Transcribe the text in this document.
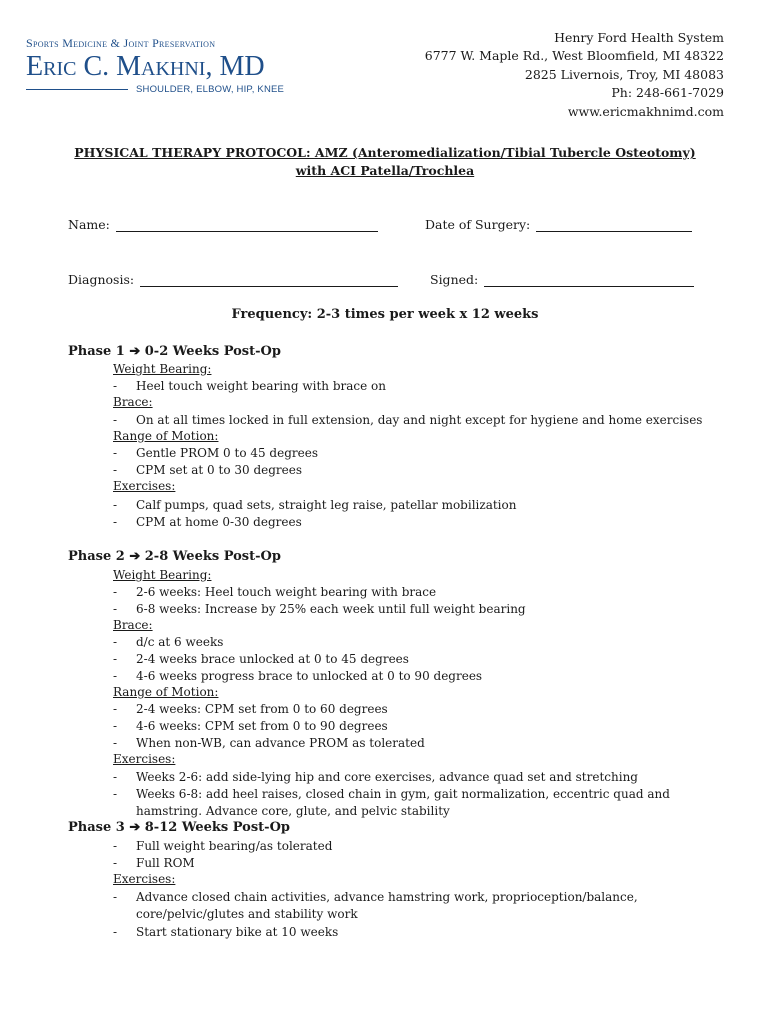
Sports Medicine & Joint Preservation
Eric C. Makhni, MD
SHOULDER, ELBOW, HIP, KNEE
Henry Ford Health System
6777 W. Maple Rd., West Bloomfield, MI 48322
2825 Livernois, Troy, MI 48083
Ph: 248-661-7029
www.ericmakhnimd.com
PHYSICAL THERAPY PROTOCOL: AMZ (Anteromedialization/Tibial Tubercle Osteotomy)
with ACI Patella/Trochlea
Name:	Date of Surgery:
Diagnosis:	Signed:
Frequency: 2-3 times per week x 12 weeks
Phase 1 ➔ 0-2 Weeks Post-Op
Weight Bearing:
- Heel touch weight bearing with brace on
Brace:
- On at all times locked in full extension, day and night except for hygiene and home exercises
Range of Motion:
- Gentle PROM 0 to 45 degrees
- CPM set at 0 to 30 degrees
Exercises:
- Calf pumps, quad sets, straight leg raise, patellar mobilization
- CPM at home 0-30 degrees
Phase 2 ➔ 2-8 Weeks Post-Op
Weight Bearing:
- 2-6 weeks: Heel touch weight bearing with brace
- 6-8 weeks: Increase by 25% each week until full weight bearing
Brace:
- d/c at 6 weeks
- 2-4 weeks brace unlocked at 0 to 45 degrees
- 4-6 weeks progress brace to unlocked at 0 to 90 degrees
Range of Motion:
- 2-4 weeks: CPM set from 0 to 60 degrees
- 4-6 weeks: CPM set from 0 to 90 degrees
- When non-WB, can advance PROM as tolerated
Exercises:
- Weeks 2-6: add side-lying hip and core exercises, advance quad set and stretching
- Weeks 6-8: add heel raises, closed chain in gym, gait normalization, eccentric quad and hamstring. Advance core, glute, and pelvic stability
Phase 3 ➔ 8-12 Weeks Post-Op
- Full weight bearing/as tolerated
- Full ROM
Exercises:
- Advance closed chain activities, advance hamstring work, proprioception/balance, core/pelvic/glutes and stability work
- Start stationary bike at 10 weeks
